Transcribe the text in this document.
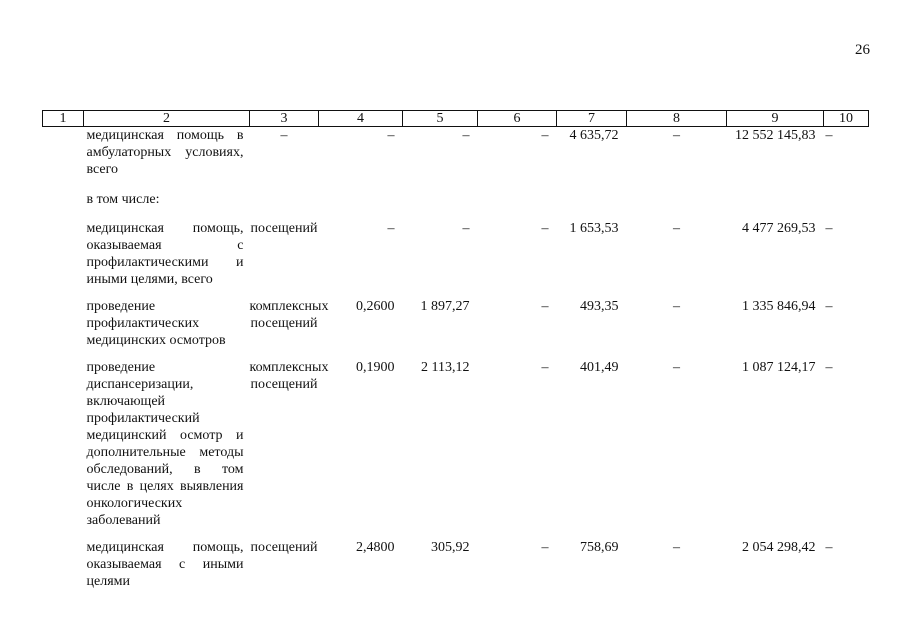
26
1	2	3	4	5	6	7	8	9	10
	медицинская помощь в амбулаторных условиях, всего	–	–	–	–	4 635,72	–	12 552 145,83	–
	в том числе:								
	медицинская помощь, оказываемая с профилактическими и иными целями, всего	посещений	–	–	–	1 653,53	–	4 477 269,53	–
	проведение профилактических медицинских осмотров	комплексных посещений	0,2600	1 897,27	–	493,35	–	1 335 846,94	–
	проведение диспансеризации, включающей профилактический медицинский осмотр и дополнительные методы обследований, в том числе в целях выявления онкологических заболеваний	комплексных посещений	0,1900	2 113,12	–	401,49	–	1 087 124,17	–
	медицинская помощь, оказываемая с иными целями	посещений	2,4800	305,92	–	758,69	–	2 054 298,42	–
